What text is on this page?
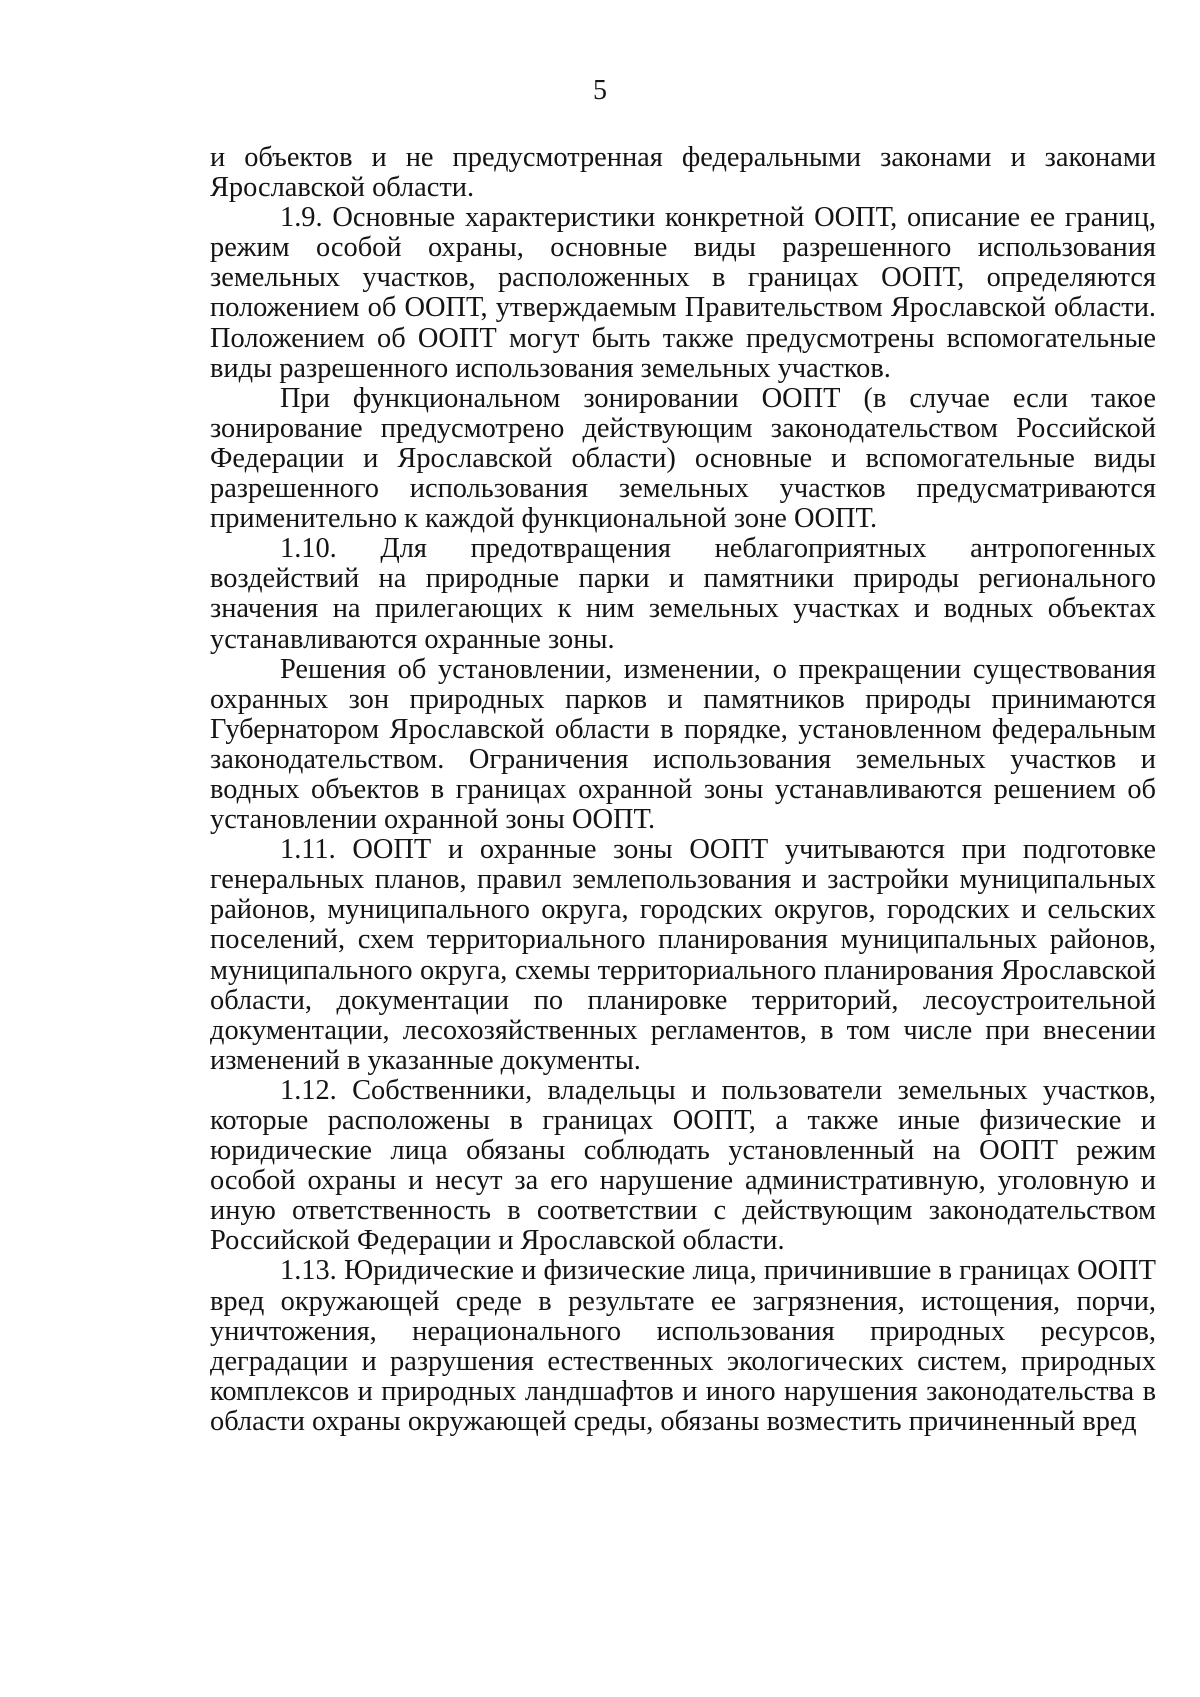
5

и объектов и не предусмотренная федеральными законами и законами Ярославской области.

1.9. Основные характеристики конкретной ООПТ, описание ее границ, режим особой охраны, основные виды разрешенного использования земельных участков, расположенных в границах ООПТ, определяются положением об ООПТ, утверждаемым Правительством Ярославской области. Положением об ООПТ могут быть также предусмотрены вспомогательные виды разрешенного использования земельных участков.

При функциональном зонировании ООПТ (в случае если такое зонирование предусмотрено действующим законодательством Российской Федерации и Ярославской области) основные и вспомогательные виды разрешенного использования земельных участков предусматриваются применительно к каждой функциональной зоне ООПТ.

1.10. Для предотвращения неблагоприятных антропогенных воздействий на природные парки и памятники природы регионального значения на прилегающих к ним земельных участках и водных объектах устанавливаются охранные зоны.

Решения об установлении, изменении, о прекращении существования охранных зон природных парков и памятников природы принимаются Губернатором Ярославской области в порядке, установленном федеральным законодательством. Ограничения использования земельных участков и водных объектов в границах охранной зоны устанавливаются решением об установлении охранной зоны ООПТ.

1.11. ООПТ и охранные зоны ООПТ учитываются при подготовке генеральных планов, правил землепользования и застройки муниципальных районов, муниципального округа, городских округов, городских и сельских поселений, схем территориального планирования муниципальных районов, муниципального округа, схемы территориального планирования Ярославской области, документации по планировке территорий, лесоустроительной документации, лесохозяйственных регламентов, в том числе при внесении изменений в указанные документы.

1.12. Собственники, владельцы и пользователи земельных участков, которые расположены в границах ООПТ, а также иные физические и юридические лица обязаны соблюдать установленный на ООПТ режим особой охраны и несут за его нарушение административную, уголовную и иную ответственность в соответствии с действующим законодательством Российской Федерации и Ярославской области.

1.13. Юридические и физические лица, причинившие в границах ООПТ вред окружающей среде в результате ее загрязнения, истощения, порчи, уничтожения, нерационального использования природных ресурсов, деградации и разрушения естественных экологических систем, природных комплексов и природных ландшафтов и иного нарушения законодательства в области охраны окружающей среды, обязаны возместить причиненный вред
